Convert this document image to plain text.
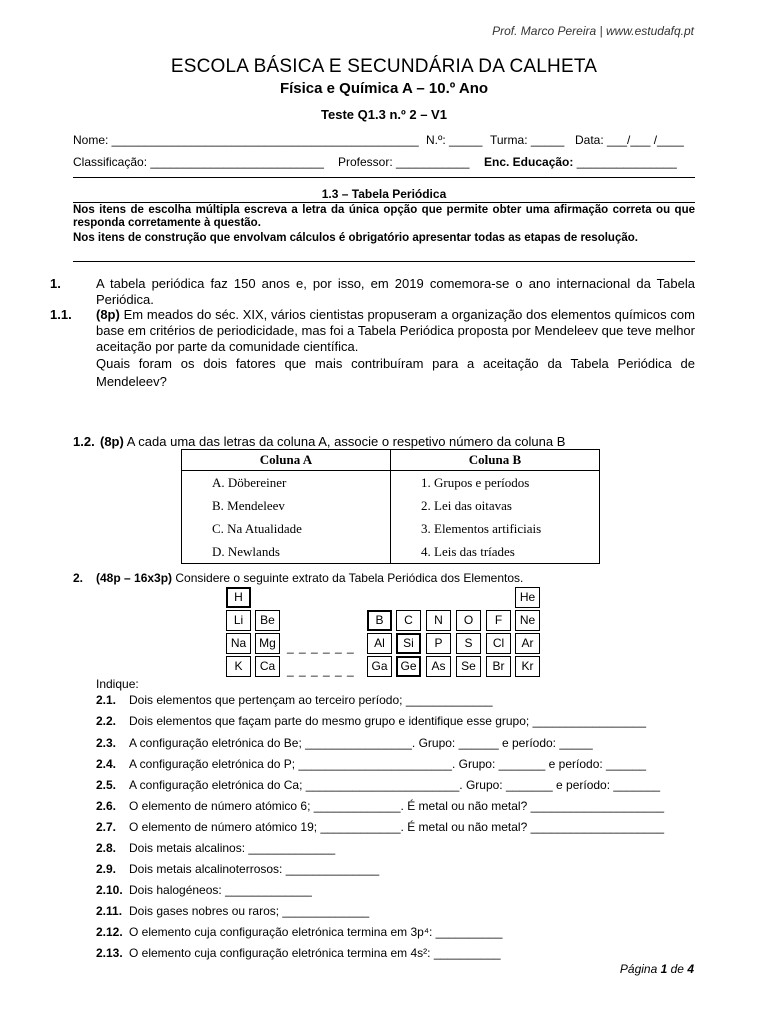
Prof. Marco Pereira | www.estudafq.pt
ESCOLA BÁSICA E SECUNDÁRIA DA CALHETA
Física e Química A – 10.º Ano
Teste Q1.3 n.º 2 – V1
Nome: ______________________________________________ N.º: _____ Turma: _____ Data: ___/___ /____
Classificação: __________________________ Professor: ___________ Enc. Educação: _______________
1.3 – Tabela Periódica
Nos itens de escolha múltipla escreva a letra da única opção que permite obter uma afirmação correta ou que responda corretamente à questão.
Nos itens de construção que envolvam cálculos é obrigatório apresentar todas as etapas de resolução.
1.	A tabela periódica faz 150 anos e, por isso, em 2019 comemora-se o ano internacional da Tabela Periódica.
1.1. (8p) Em meados do séc. XIX, vários cientistas propuseram a organização dos elementos químicos com base em critérios de periodicidade, mas foi a Tabela Periódica proposta por Mendeleev que teve melhor aceitação por parte da comunidade científica.
Quais foram os dois fatores que mais contribuíram para a aceitação da Tabela Periódica de Mendeleev?
1.2. (8p) A cada uma das letras da coluna A, associe o respetivo número da coluna B
Coluna A	Coluna B
A. Döbereiner	1. Grupos e períodos
B. Mendeleev	2. Lei das oitavas
C. Na Atualidade	3. Elementos artificiais
D. Newlands	4. Leis das tríades
2. (48p – 16x3p) Considere o seguinte extrato da Tabela Periódica dos Elementos.
H	He
Li	Be	B	C	N	O	F	Ne
Na	Mg	Al	Si	P	S	Cl	Ar
K	Ca	Ga	Ge	As	Se	Br	Kr
_ _ _ _ _ _
_ _ _ _ _ _
Indique:
2.1. Dois elementos que pertençam ao terceiro período; _____________
2.2. Dois elementos que façam parte do mesmo grupo e identifique esse grupo; _________________
2.3. A configuração eletrónica do Be; ________________. Grupo: ______ e período: _____
2.4. A configuração eletrónica do P; _______________________. Grupo: _______ e período: ______
2.5. A configuração eletrónica do Ca; _______________________. Grupo: _______ e período: _______
2.6. O elemento de número atómico 6; _____________. É metal ou não metal? ____________________
2.7. O elemento de número atómico 19; ____________. É metal ou não metal? ____________________
2.8. Dois metais alcalinos: _____________
2.9. Dois metais alcalinoterrosos: ______________
2.10. Dois halogéneos: _____________
2.11. Dois gases nobres ou raros; _____________
2.12. O elemento cuja configuração eletrónica termina em 3p⁴: __________
2.13. O elemento cuja configuração eletrónica termina em 4s²: __________
Página 1 de 4
